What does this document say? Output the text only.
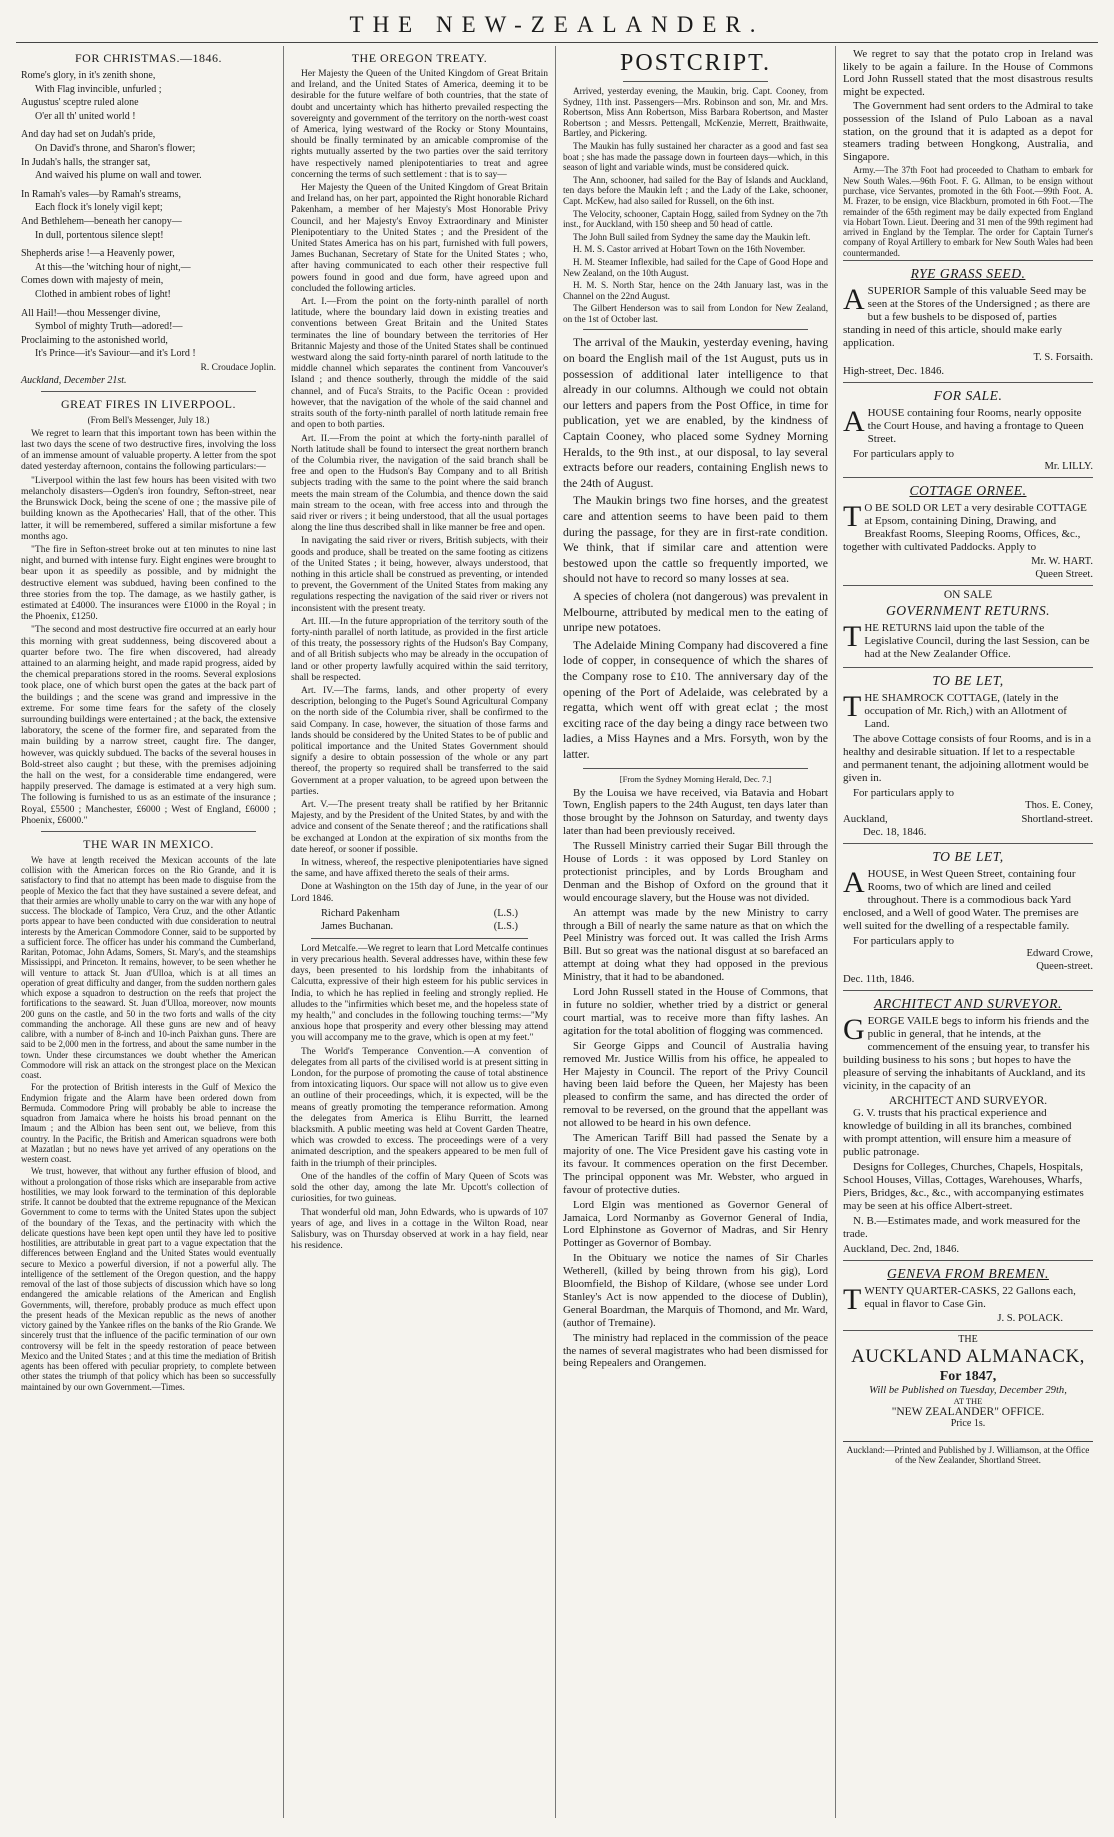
THE NEW-ZEALANDER.
FOR CHRISTMAS.—1846.
Rome's glory, in it's zenith shone,
With Flag invincible, unfurled ;
Augustus' sceptre ruled alone
O'er all th' united world !
And day had set on Judah's pride,
On David's throne, and Sharon's flower;
In Judah's halls, the stranger sat,
And waived his plume on wall and tower.
In Ramah's vales—by Ramah's streams,
Each flock it's lonely vigil kept;
And Bethlehem—beneath her canopy—
In dull, portentous silence slept!
Shepherds arise !—a Heavenly power,
At this—the 'witching hour of night,—
Comes down with majesty of mein,
Clothed in ambient robes of light!
All Hail!—thou Messenger divine,
Symbol of mighty Truth—adored!—
Proclaiming to the astonished world,
It's Prince—it's Saviour—and it's Lord !
R. Croudace Joplin.
Auckland, December 21st.
GREAT FIRES IN LIVERPOOL.
(From Bell's Messenger, July 18.)

We regret to learn that this important town has been within the last two days the scene of two destructive fires, involving the loss of an immense amount of valuable property. A letter from the spot dated yesterday afternoon, contains the following particulars:—

"Liverpool within the last few hours has been visited with two melancholy disasters—Ogden's iron foundry, Sefton-street, near the Brunswick Dock, being the scene of one ; the massive pile of building known as the Apothecaries' Hall, that of the other. This latter, it will be remembered, suffered a similar misfortune a few months ago.

"The fire in Sefton-street broke out at ten minutes to nine last night, and burned with intense fury. Eight engines were brought to bear upon it as speedily as possible, and by midnight the destructive element was subdued, having been confined to the three stories from the top. The damage, as we hastily gather, is estimated at £4000. The insurances were £1000 in the Royal ; in the Phoenix, £1250.

"The second and most destructive fire occurred at an early hour this morning with great suddenness, being discovered about a quarter before two. The fire when discovered, had already attained to an alarming height, and made rapid progress, aided by the chemical preparations stored in the rooms. Several explosions took place, one of which burst open the gates at the back part of the buildings ; and the scene was grand and impressive in the extreme. For some time fears for the safety of the closely surrounding buildings were entertained ; at the back, the extensive laboratory, the scene of the former fire, and separated from the main building by a narrow street, caught fire. The danger, however, was quickly subdued. The backs of the several houses in Bold-street also caught ; but these, with the premises adjoining the hall on the west, for a considerable time endangered, were happily preserved. The damage is estimated at a very high sum. The following is furnished to us as an estimate of the insurance ; Royal, £5500 ; Manchester, £6000 ; West of England, £6000 ; Phoenix, £6000."

THE WAR IN MEXICO.

We have at length received the Mexican accounts of the late collision with the American forces on the Rio Grande, and it is satisfactory to find that no attempt has been made to disguise from the people of Mexico the fact that they have sustained a severe defeat, and that their armies are wholly unable to carry on the war with any hope of success. The blockade of Tampico, Vera Cruz, and the other Atlantic ports appear to have been conducted with due consideration to neutral interests by the American Commodore Conner, said to be supported by a sufficient force. The officer has under his command the Cumberland, Raritan, Potomac, John Adams, Somers, St. Mary's, and the steamships Mississippi, and Princeton. It remains, however, to be seen whether he will venture to attack St. Juan d'Ulloa, which is at all times an operation of great difficulty and danger, from the sudden northern gales which expose a squadron to destruction on the reefs that project the fortifications to the seaward. St. Juan d'Ulloa, moreover, now mounts 200 guns on the castle, and 50 in the two forts and walls of the city commanding the anchorage. All these guns are new and of heavy calibre, with a number of 8-inch and 10-inch Paixhan guns. There are said to be 2,000 men in the fortress, and about the same number in the town. Under these circumstances we doubt whether the American Commodore will risk an attack on the strongest place on the Mexican coast.

For the protection of British interests in the Gulf of Mexico the Endymion frigate and the Alarm have been ordered down from Bermuda. Commodore Pring will probably be able to increase the squadron from Jamaica where he hoists his broad pennant on the Imaum ; and the Albion has been sent out, we believe, from this country. In the Pacific, the British and American squadrons were both at Mazatlan ; but no news have yet arrived of any operations on the western coast.

We trust, however, that without any further effusion of blood, and without a prolongation of those risks which are inseparable from active hostilities, we may look forward to the termination of this deplorable strife. It cannot be doubted that the extreme repugnance of the Mexican Government to come to terms with the United States upon the subject of the boundary of the Texas, and the pertinacity with which the delicate questions have been kept open until they have led to positive hostilities, are attributable in great part to a vague expectation that the differences between England and the United States would eventually secure to Mexico a powerful diversion, if not a powerful ally. The intelligence of the settlement of the Oregon question, and the happy removal of the last of those subjects of discussion which have so long endangered the amicable relations of the American and English Governments, will, therefore, probably produce as much effect upon the present heads of the Mexican republic as the news of another victory gained by the Yankee rifles on the banks of the Rio Grande. We sincerely trust that the influence of the pacific termination of our own controversy will be felt in the speedy restoration of peace between Mexico and the United States ; and at this time the mediation of British agents has been offered with peculiar propriety, to complete between other states the triumph of that policy which has been so successfully maintained by our own Government.—Times.

THE OREGON TREATY.

Her Majesty the Queen of the United Kingdom of Great Britain and Ireland, and the United States of America, deeming it to be desirable for the future welfare of both countries, that the state of doubt and uncertainty which has hitherto prevailed respecting the sovereignty and government of the territory on the north-west coast of America, lying westward of the Rocky or Stony Mountains, should be finally terminated by an amicable compromise of the rights mutually asserted by the two parties over the said territory have respectively named plenipotentiaries to treat and agree concerning the terms of such settlement : that is to say—

Her Majesty the Queen of the United Kingdom of Great Britain and Ireland has, on her part, appointed the Right honorable Richard Pakenham, a member of her Majesty's Most Honorable Privy Council, and her Majesty's Envoy Extraordinary and Minister Plenipotentiary to the United States ; and the President of the United States America has on his part, furnished with full powers, James Buchanan, Secretary of State for the United States ; who, after having communicated to each other their respective full powers found in good and due form, have agreed upon and concluded the following articles.

Art. I.—From the point on the forty-ninth parallel of north latitude, where the boundary laid down in existing treaties and conventions between Great Britain and the United States terminates the line of boundary between the territories of Her Britannic Majesty and those of the United States shall be continued westward along the said forty-ninth pararel of north latitude to the middle channel which separates the continent from Vancouver's Island ; and thence southerly, through the middle of the said channel, and of Fuca's Straits, to the Pacific Ocean : provided however, that the navigation of the whole of the said channel and straits south of the forty-ninth parallel of north latitude remain free and open to both parties.

Art. II.—From the point at which the forty-ninth parallel of North latitude shall be found to intersect the great northern branch of the Columbia river, the navigation of the said branch shall be free and open to the Hudson's Bay Company and to all British subjects trading with the same to the point where the said branch meets the main stream of the Columbia, and thence down the said main stream to the ocean, with free access into and through the said river or rivers ; it being understood, that all the usual portages along the line thus described shall in like manner be free and open.

In navigating the said river or rivers, British subjects, with their goods and produce, shall be treated on the same footing as citizens of the United States ; it being, however, always understood, that nothing in this article shall be construed as preventing, or intended to prevent, the Government of the United States from making any regulations respecting the navigation of the said river or rivers not inconsistent with the present treaty.

Art. III.—In the future appropriation of the territory south of the forty-ninth parallel of north latitude, as provided in the first article of this treaty, the possessory rights of the Hudson's Bay Company, and of all British subjects who may be already in the occupation of land or other property lawfully acquired within the said territory, shall be respected.

Art. IV.—The farms, lands, and other property of every description, belonging to the Puget's Sound Agricultural Company on the north side of the Columbia river, shall be confirmed to the said Company. In case, however, the situation of those farms and lands should be considered by the United States to be of public and political importance and the United States Government should signify a desire to obtain possession of the whole or any part thereof, the property so required shall be transferred to the said Government at a proper valuation, to be agreed upon between the parties.

Art. V.—The present treaty shall be ratified by her Britannic Majesty, and by the President of the United States, by and with the advice and consent of the Senate thereof ; and the ratifications shall be exchanged at London at the expiration of six months from the date hereof, or sooner if possible.

In witness, whereof, the respective plenipotentiaries have signed the same, and have affixed thereto the seals of their arms.

Done at Washington on the 15th day of June, in the year of our Lord 1846.

Richard Pakenham	(L.S.)
James Buchanan.	(L.S.)

Lord Metcalfe.—We regret to learn that Lord Metcalfe continues in very precarious health. Several addresses have, within these few days, been presented to his lordship from the inhabitants of Calcutta, expressive of their high esteem for his public services in India, to which he has replied in feeling and strongly replied. He alludes to the "infirmities which beset me, and the hopeless state of my health," and concludes in the following touching terms:—"My anxious hope that prosperity and every other blessing may attend you will accompany me to the grave, which is open at my feet."

The World's Temperance Convention.—A convention of delegates from all parts of the civilised world is at present sitting in London, for the purpose of promoting the cause of total abstinence from intoxicating liquors. Our space will not allow us to give even an outline of their proceedings, which, it is expected, will be the means of greatly promoting the temperance reformation. Among the delegates from America is Elihu Burritt, the learned blacksmith. A public meeting was held at Covent Garden Theatre, which was crowded to excess. The proceedings were of a very animated description, and the speakers appeared to be men full of faith in the triumph of their principles.

One of the handles of the coffin of Mary Queen of Scots was sold the other day, among the late Mr. Upcott's collection of curiosities, for two guineas.

That wonderful old man, John Edwards, who is upwards of 107 years of age, and lives in a cottage in the Wilton Road, near Salisbury, was on Thursday observed at work in a hay field, near his residence.

POSTCRIPT.

Arrived, yesterday evening, the Maukin, brig. Capt. Cooney, from Sydney, 11th inst. Passengers—Mrs. Robinson and son, Mr. and Mrs. Robertson, Miss Ann Robertson, Miss Barbara Robertson, and Master Robertson ; and Messrs. Pettengall, McKenzie, Merrett, Braithwaite, Bartley, and Pickering.

The Maukin has fully sustained her character as a good and fast sea boat ; she has made the passage down in fourteen days—which, in this season of light and variable winds, must be considered quick.

The Ann, schooner, had sailed for the Bay of Islands and Auckland, ten days before the Maukin left ; and the Lady of the Lake, schooner, Capt. McKew, had also sailed for Russell, on the 6th inst.

The Velocity, schooner, Captain Hogg, sailed from Sydney on the 7th inst., for Auckland, with 150 sheep and 50 head of cattle.

The John Bull sailed from Sydney the same day the Maukin left.

H. M. S. Castor arrived at Hobart Town on the 16th November.

H. M. Steamer Inflexible, had sailed for the Cape of Good Hope and New Zealand, on the 10th August.

H. M. S. North Star, hence on the 24th January last, was in the Channel on the 22nd August.

The Gilbert Henderson was to sail from London for New Zealand, on the 1st of October last.

The arrival of the Maukin, yesterday evening, having on board the English mail of the 1st August, puts us in possession of additional later intelligence to that already in our columns. Although we could not obtain our letters and papers from the Post Office, in time for publication, yet we are enabled, by the kindness of Captain Cooney, who placed some Sydney Morning Heralds, to the 9th inst., at our disposal, to lay several extracts before our readers, containing English news to the 24th of August.

The Maukin brings two fine horses, and the greatest care and attention seems to have been paid to them during the passage, for they are in first-rate condition. We think, that if similar care and attention were bestowed upon the cattle so frequently imported, we should not have to record so many losses at sea.

A species of cholera (not dangerous) was prevalent in Melbourne, attributed by medical men to the eating of unripe new potatoes.

The Adelaide Mining Company had discovered a fine lode of copper, in consequence of which the shares of the Company rose to £10. The anniversary day of the opening of the Port of Adelaide, was celebrated by a regatta, which went off with great eclat ; the most exciting race of the day being a dingy race between two ladies, a Miss Haynes and a Mrs. Forsyth, won by the latter.

[From the Sydney Morning Herald, Dec. 7.]

By the Louisa we have received, via Batavia and Hobart Town, English papers to the 24th August, ten days later than those brought by the Johnson on Saturday, and twenty days later than had been previously received.

The Russell Ministry carried their Sugar Bill through the House of Lords : it was opposed by Lord Stanley on protectionist principles, and by Lords Brougham and Denman and the Bishop of Oxford on the ground that it would encourage slavery, but the House was not divided.

An attempt was made by the new Ministry to carry through a Bill of nearly the same nature as that on which the Peel Ministry was forced out. It was called the Irish Arms Bill. But so great was the national disgust at so barefaced an attempt at doing what they had opposed in the previous Ministry, that it had to be abandoned.

Lord John Russell stated in the House of Commons, that in future no soldier, whether tried by a district or general court martial, was to receive more than fifty lashes. An agitation for the total abolition of flogging was commenced.

Sir George Gipps and Council of Australia having removed Mr. Justice Willis from his office, he appealed to Her Majesty in Council. The report of the Privy Council having been laid before the Queen, her Majesty has been pleased to confirm the same, and has directed the order of removal to be reversed, on the ground that the appellant was not allowed to be heard in his own defence.

The American Tariff Bill had passed the Senate by a majority of one. The Vice President gave his casting vote in its favour. It commences operation on the first December. The principal opponent was Mr. Webster, who argued in favour of protective duties.

Lord Elgin was mentioned as Governor General of Jamaica, Lord Normanby as Governor General of India, Lord Elphinstone as Governor of Madras, and Sir Henry Pottinger as Governor of Bombay.

In the Obituary we notice the names of Sir Charles Wetherell, (killed by being thrown from his gig), Lord Bloomfield, the Bishop of Kildare, (whose see under Lord Stanley's Act is now appended to the diocese of Dublin), General Boardman, the Marquis of Thomond, and Mr. Ward, (author of Tremaine).

The ministry had replaced in the commission of the peace the names of several magistrates who had been dismissed for being Repealers and Orangemen.

We regret to say that the potato crop in Ireland was likely to be again a failure. In the House of Commons Lord John Russell stated that the most disastrous results might be expected.

The Government had sent orders to the Admiral to take possession of the Island of Pulo Laboan as a naval station, on the ground that it is adapted as a depot for steamers trading between Hongkong, Australia, and Singapore.

Army.—The 37th Foot had proceeded to Chatham to embark for New South Wales.—96th Foot. F. G. Allman, to be ensign without purchase, vice Servantes, promoted in the 6th Foot.—99th Foot. A. M. Frazer, to be ensign, vice Blackburn, promoted in 6th Foot.—The remainder of the 65th regiment may be daily expected from England via Hobart Town. Lieut. Deering and 31 men of the 99th regiment had arrived in England by the Templar. The order for Captain Turner's company of Royal Artillery to embark for New South Wales had been countermanded.

RYE GRASS SEED.

ASUPERIOR Sample of this valuable Seed may be seen at the Stores of the Undersigned ; as there are but a few bushels to be disposed of, parties standing in need of this article, should make early application.

T. S. Forsaith.
High-street, Dec. 1846.
FOR SALE.

AHOUSE containing four Rooms, nearly opposite the Court House, and having a frontage to Queen Street.

For particulars apply to
Mr. LILLY.
COTTAGE ORNEE.

T O BE SOLD OR LET a very desirable COTTAGE at Epsom, containing Dining, Drawing, and Breakfast Rooms, Sleeping Rooms, Offices, &c., together with cultivated Paddocks. Apply to

Mr. W. HART.
Queen Street.
ON SALE
GOVERNMENT RETURNS.

THE RETURNS laid upon the table of the Legislative Council, during the last Session, can be had at the New Zealander Office.

TO BE LET,

THE SHAMROCK COTTAGE, (lately in the occupation of Mr. Rich,) with an Allotment of Land.

The above Cottage consists of four Rooms, and is in a healthy and desirable situation. If let to a respectable and permanent tenant, the adjoining allotment would be given in.

For particulars apply to
Thos. E. Coney,
Auckland,	Shortland-street.
Dec. 18, 1846.
TO BE LET,

AHOUSE, in West Queen Street, containing four Rooms, two of which are lined and ceiled throughout. There is a commodious back Yard enclosed, and a Well of good Water. The premises are well suited for the dwelling of a respectable family.

For particulars apply to
Edward Crowe,
Queen-street.
Dec. 11th, 1846.
ARCHITECT AND SURVEYOR.

GEORGE VAILE begs to inform his friends and the public in general, that he intends, at the commencement of the ensuing year, to transfer his building business to his sons ; but hopes to have the pleasure of serving the inhabitants of Auckland, and its vicinity, in the capacity of an

ARCHITECT AND SURVEYOR.

G. V. trusts that his practical experience and knowledge of building in all its branches, combined with prompt attention, will ensure him a measure of public patronage.

Designs for Colleges, Churches, Chapels, Hospitals, School Houses, Villas, Cottages, Warehouses, Wharfs, Piers, Bridges, &c., &c., with accompanying estimates may be seen at his office Albert-street.

N. B.—Estimates made, and work measured for the trade.

Auckland, Dec. 2nd, 1846.
GENEVA FROM BREMEN.

TWENTY QUARTER-CASKS, 22 Gallons each, equal in flavor to Case Gin.

J. S. POLACK.
THE
AUCKLAND ALMANACK,
For 1847,
Will be Published on Tuesday, December 29th,
AT THE
"NEW ZEALANDER" OFFICE.
Price 1s.
Auckland:—Printed and Published by J. Williamson, at the Office of the New Zealander, Shortland Street.
